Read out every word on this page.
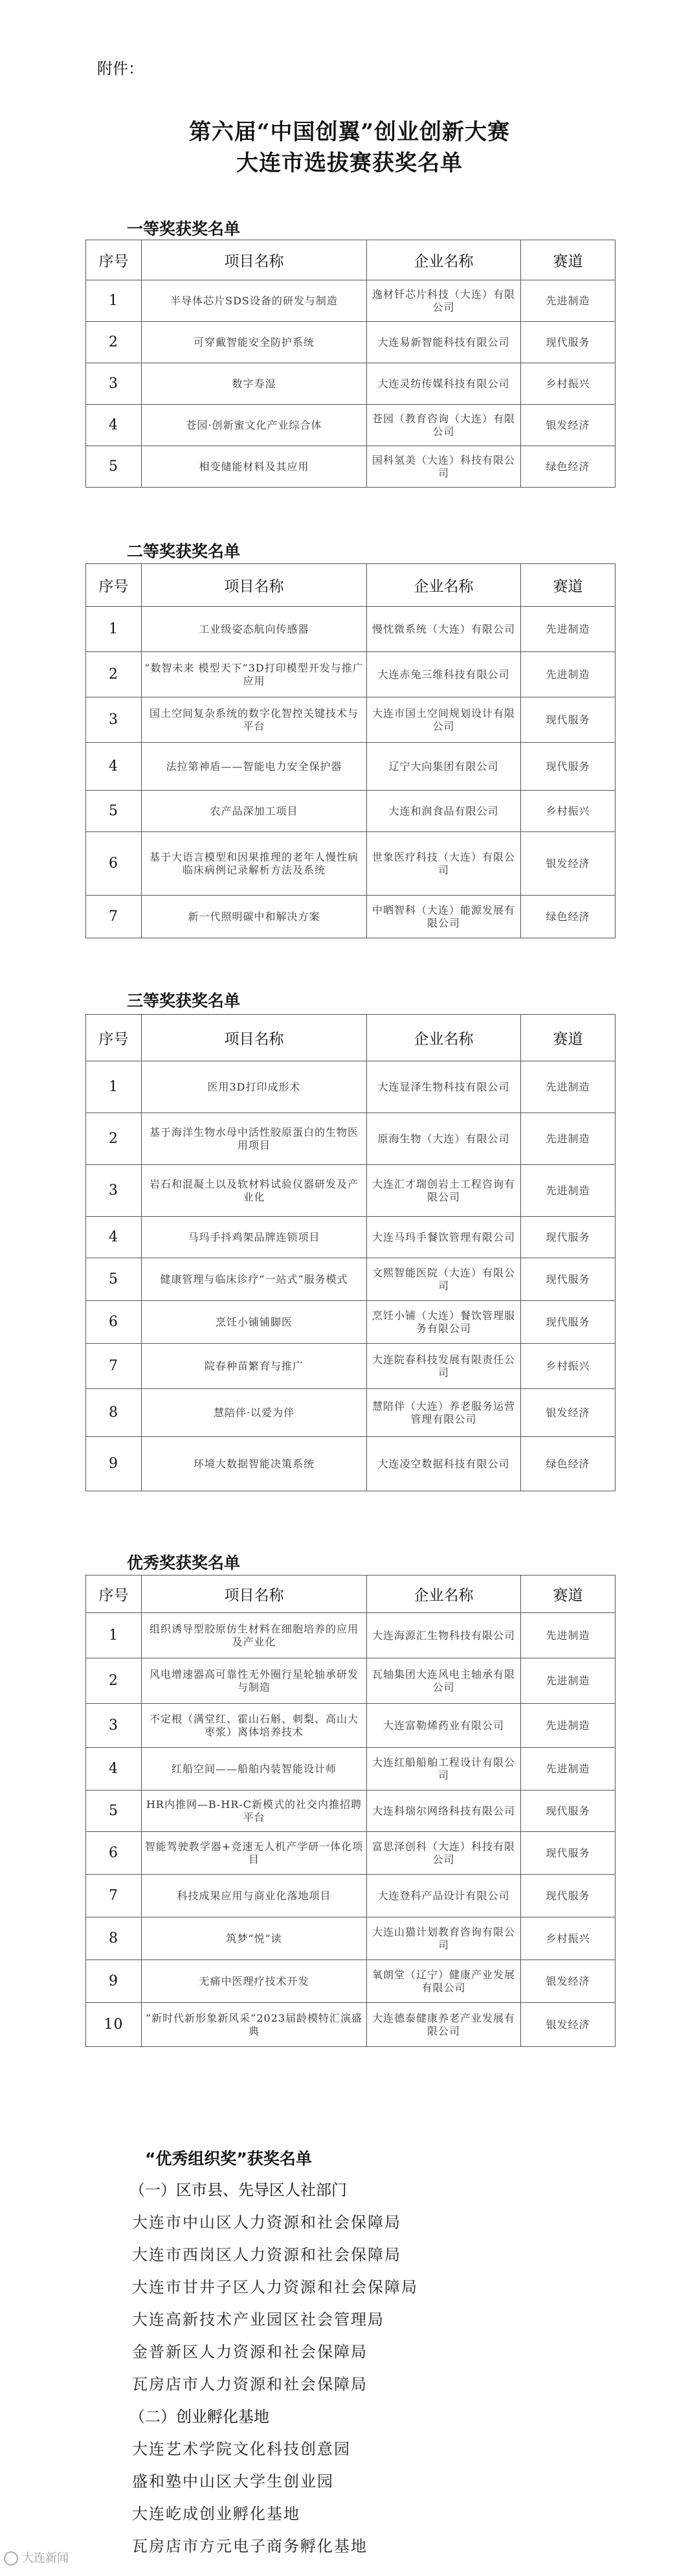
附件：
第六届“中国创翼”创业创新大赛
大连市选拔赛获奖名单
一等奖获奖名单
序号	项目名称	企业名称	赛道
1	半导体芯片SDS设备的研发与制造	逸材钎芯片科技（大连）有限公司	先进制造
2	可穿戴智能安全防护系统	大连易新智能科技有限公司	现代服务
3	数字寿湿	大连灵纺传媒科技有限公司	乡村振兴
4	苍园·创新蜜文化产业综合体	苍园（教育咨询（大连）有限公司	银发经济
5	相变储能材料及其应用	国科氢美（大连）科技有限公司	绿色经济
二等奖获奖名单
序号	项目名称	企业名称	赛道
1	工业级姿态航向传感器	慢忱微系统（大连）有限公司	先进制造
2	“数智未来 模型天下”3D打印模型开发与推广应用	大连赤兔三维科技有限公司	先进制造
3	国土空间复杂系统的数字化智控关键技术与平台	大连市国土空间规划设计有限公司	现代服务
4	法拉第神盾——智能电力安全保护器	辽宁大向集团有限公司	现代服务
5	农产品深加工项目	大连和润食品有限公司	乡村振兴
6	基于大语言模型和因果推理的老年人慢性病临床病例记录解析方法及系统	世象医疗科技（大连）有限公司	银发经济
7	新一代照明碳中和解决方案	中晒智科（大连）能源发展有限公司	绿色经济
三等奖获奖名单
序号	项目名称	企业名称	赛道
1	医用3D打印成形术	大连显泽生物科技有限公司	先进制造
2	基于海洋生物水母中活性胶原蛋白的生物医用项目	原海生物（大连）有限公司	先进制造
3	岩石和混凝土以及软材料试验仪器研发及产业化	大连汇才瑞创岩土工程咨询有限公司	先进制造
4	马玛手抖鸡架品牌连锁项目	大连马玛手餐饮管理有限公司	现代服务
5	健康管理与临床诊疗“一站式”服务模式	文熙智能医院（大连）有限公司	现代服务
6	烹饪小铺铺脚医	烹饪小铺（大连）餐饮管理服务有限公司	现代服务
7	院春种苗繁育与推广	大连院春科技发展有限责任公司	乡村振兴
8	慧陪伴·以爱为伴	慧陪伴（大连）养老服务运营管理有限公司	银发经济
9	环境大数据智能决策系统	大连凌空数据科技有限公司	绿色经济
优秀奖获奖名单
序号	项目名称	企业名称	赛道
1	组织诱导型胶原仿生材料在细胞培养的应用及产业化	大连海源汇生物科技有限公司	先进制造
2	风电增速器高可靠性无外圈行星轮轴承研发与制造	瓦轴集团大连风电主轴承有限公司	先进制造
3	不定根（满堂红、霍山石斛、刺梨、高山大枣浆）离体培养技术	大连富勒烯药业有限公司	先进制造
4	红船空间——船舶内装智能设计师	大连红船船舶工程设计有限公司	先进制造
5	HR内推网—B-HR-C新模式的社交内推招聘平台	大连科瑞尔网络科技有限公司	现代服务
6	智能驾驶教学器+竞速无人机产学研一体化项目	富思泽创科（大连）科技有限公司	现代服务
7	科技成果应用与商业化落地项目	大连登科产品设计有限公司	现代服务
8	筑梦“悦”读	大连山猫计划教育咨询有限公司	乡村振兴
9	无痛中医理疗技术开发	氧朗堂（辽宁）健康产业发展有限公司	银发经济
10	“新时代新形象新风采”2023届龄模特汇演盛典	大连德泰健康养老产业发展有限公司	银发经济
“优秀组织奖”获奖名单
（一）区市县、先导区人社部门
大连市中山区人力资源和社会保障局
大连市西岗区人力资源和社会保障局
大连市甘井子区人力资源和社会保障局
大连高新技术产业园区社会管理局
金普新区人力资源和社会保障局
瓦房店市人力资源和社会保障局
（二）创业孵化基地
大连艺术学院文化科技创意园
盛和塾中山区大学生创业园
大连屹成创业孵化基地
瓦房店市方元电子商务孵化基地
大连新闻
